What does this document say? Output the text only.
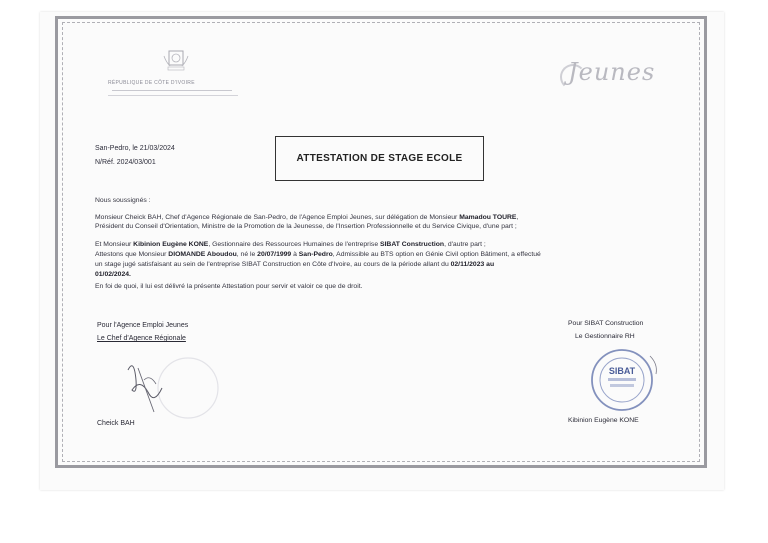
RÉPUBLIQUE DE CÔTE D'IVOIRE	Jeunes
San-Pedro, le 21/03/2024
N/Réf. 2024/03/001	ATTESTATION DE STAGE ECOLE
Nous soussignés :
Monsieur Cheick BAH, Chef d'Agence Régionale de San-Pedro, de l'Agence Emploi Jeunes, sur délégation de Monsieur Mamadou TOURE,
Président du Conseil d'Orientation, Ministre de la Promotion de la Jeunesse, de l'Insertion Professionnelle et du Service Civique, d'une part ;
Et Monsieur Kibinion Eugène KONE, Gestionnaire des Ressources Humaines de l'entreprise SIBAT Construction, d'autre part ;
Attestons que Monsieur DIOMANDE Aboudou, né le 20/07/1999 à San-Pedro, Admissible au BTS option en Génie Civil option Bâtiment, a effectué
un stage jugé satisfaisant au sein de l'entreprise SIBAT Construction en Côte d'Ivoire, au cours de la période allant du 02/11/2023 au
01/02/2024.
En foi de quoi, il lui est délivré la présente Attestation pour servir et valoir ce que de droit.
Pour l'Agence Emploi Jeunes
Le Chef d'Agence Régionale
Cheick BAH
Pour SIBAT Construction
Le Gestionnaire RH
SIBAT
Kibinion Eugène KONE
